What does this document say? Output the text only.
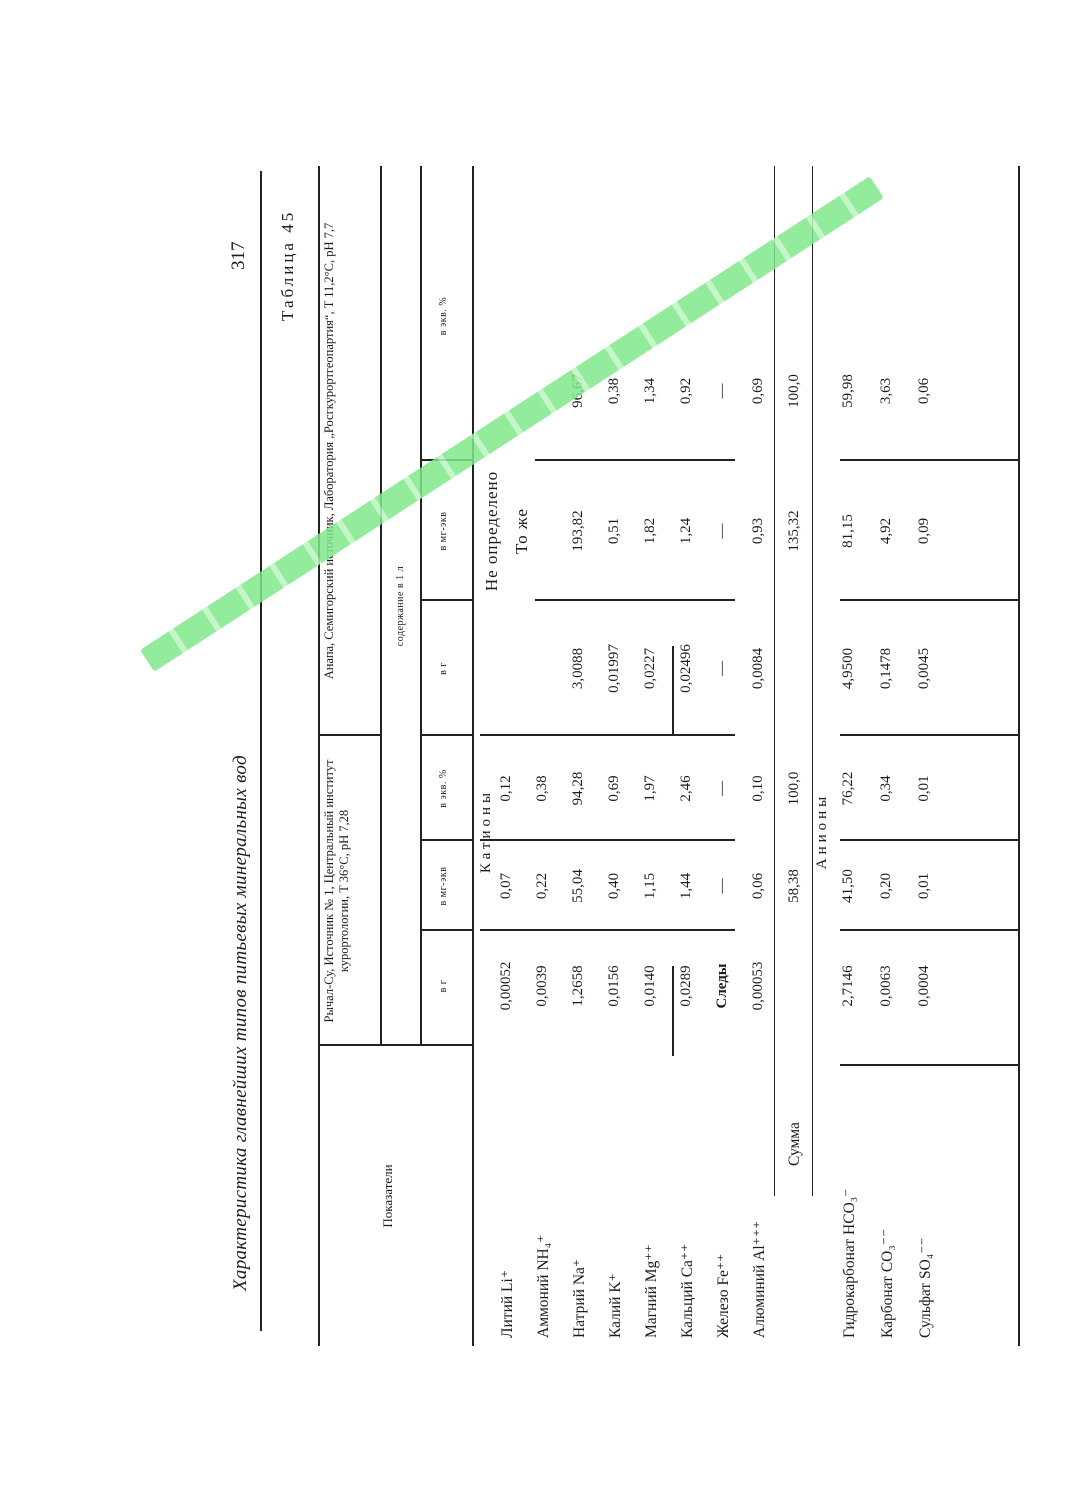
Характеристика главнейших типов питьевых минеральных вод
317 Таблица 45
Показатели
Рычал-Су, Источник № 1, Центральный институт курортологии, T 36°C, pH 7,28
Анапа, Семигорский источник, Лаборатория „Росгкурортгеопартия“, T 11,2°C, pH 7,7	содержание в 1 л
в г
в мг-экв
в экв. %
в г
в мг-экв
в экв. %
Катионы
Не определено То же
Литий Li⁺
0,00052
0,07
0,12
Аммоний NH₄⁺
0,0039
0,22
0,38
Натрий Na⁺
1,2658
55,04
94,28
3,0088
193,82
Калий K⁺
0,0156
0,40
0,69
0,01997
0,51
0,38
Магний Mg⁺⁺
0,0140
1,15
1,97
0,0227
1,82
1,34
Кальций Ca⁺⁺
0,0289
1,44
2,46
0,02496
1,24
0,92
Железо Fe⁺⁺
Следы
—
—
—
—
—
Алюминий Al⁺⁺⁺
0,00053
0,06
0,10
0,0084
0,93
0,69
Сумма
58,38
100,0
135,32
100,0
Анионы
Гидрокарбонат HCO₃⁻
2,7146
41,50
76,22
4,9500
81,15
59,98
Карбонат CO₃⁻⁻
0,0063
0,20
0,34
0,1478
4,92
3,63
Сульфат SO₄⁻⁻
0,0004
0,01
0,01
0,0045
0,09
0,06
